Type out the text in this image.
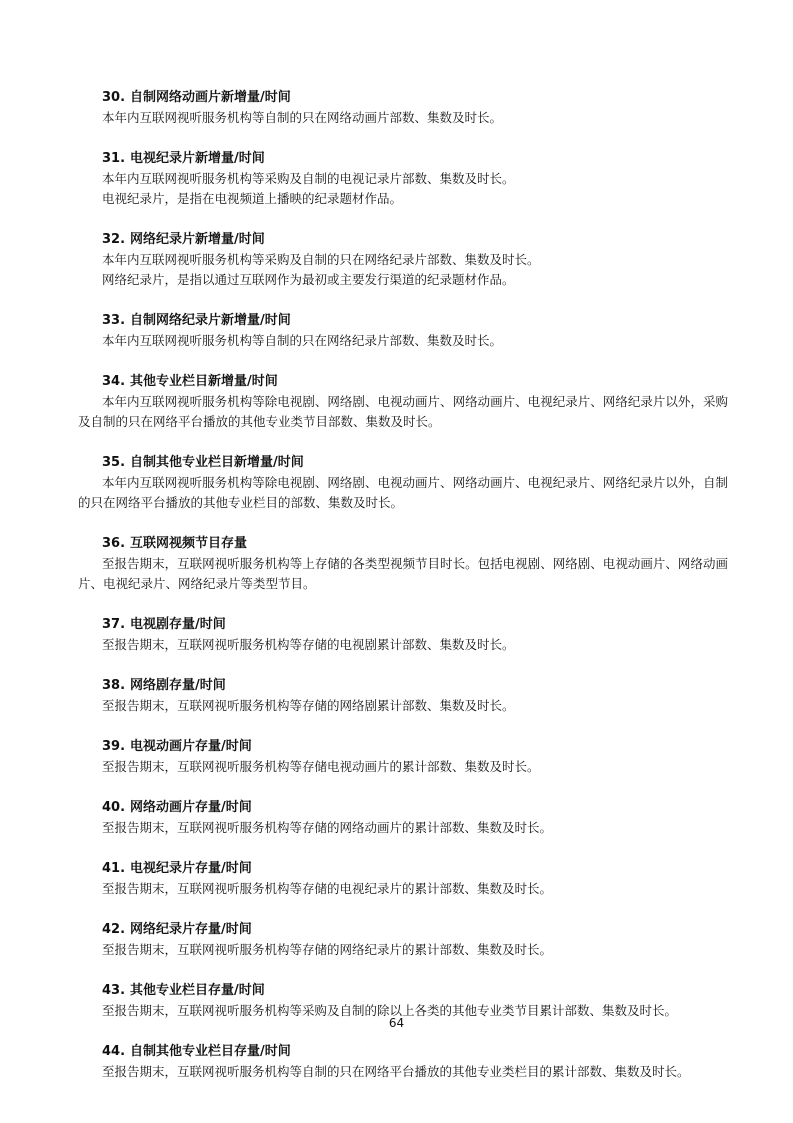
30. 自制网络动画片新增量/时间

本年内互联网视听服务机构等自制的只在网络动画片部数、集数及时长。

31. 电视纪录片新增量/时间

本年内互联网视听服务机构等采购及自制的电视记录片部数、集数及时长。

电视纪录片，是指在电视频道上播映的纪录题材作品。

32. 网络纪录片新增量/时间

本年内互联网视听服务机构等采购及自制的只在网络纪录片部数、集数及时长。

网络纪录片，是指以通过互联网作为最初或主要发行渠道的纪录题材作品。

33. 自制网络纪录片新增量/时间

本年内互联网视听服务机构等自制的只在网络纪录片部数、集数及时长。

34. 其他专业栏目新增量/时间

本年内互联网视听服务机构等除电视剧、网络剧、电视动画片、网络动画片、电视纪录片、网络纪录片以外，采购及自制的只在网络平台播放的其他专业类节目部数、集数及时长。

35. 自制其他专业栏目新增量/时间

本年内互联网视听服务机构等除电视剧、网络剧、电视动画片、网络动画片、电视纪录片、网络纪录片以外，自制的只在网络平台播放的其他专业栏目的部数、集数及时长。

36. 互联网视频节目存量

至报告期末，互联网视听服务机构等上存储的各类型视频节目时长。包括电视剧、网络剧、电视动画片、网络动画片、电视纪录片、网络纪录片等类型节目。

37. 电视剧存量/时间

至报告期末，互联网视听服务机构等存储的电视剧累计部数、集数及时长。

38. 网络剧存量/时间

至报告期末，互联网视听服务机构等存储的网络剧累计部数、集数及时长。

39. 电视动画片存量/时间

至报告期末，互联网视听服务机构等存储电视动画片的累计部数、集数及时长。

40. 网络动画片存量/时间

至报告期末，互联网视听服务机构等存储的网络动画片的累计部数、集数及时长。

41. 电视纪录片存量/时间

至报告期末，互联网视听服务机构等存储的电视纪录片的累计部数、集数及时长。

42. 网络纪录片存量/时间

至报告期末，互联网视听服务机构等存储的网络纪录片的累计部数、集数及时长。

43. 其他专业栏目存量/时间

至报告期末，互联网视听服务机构等采购及自制的除以上各类的其他专业类节目累计部数、集数及时长。

44. 自制其他专业栏目存量/时间

至报告期末，互联网视听服务机构等自制的只在网络平台播放的其他专业类栏目的累计部数、集数及时长。

64
